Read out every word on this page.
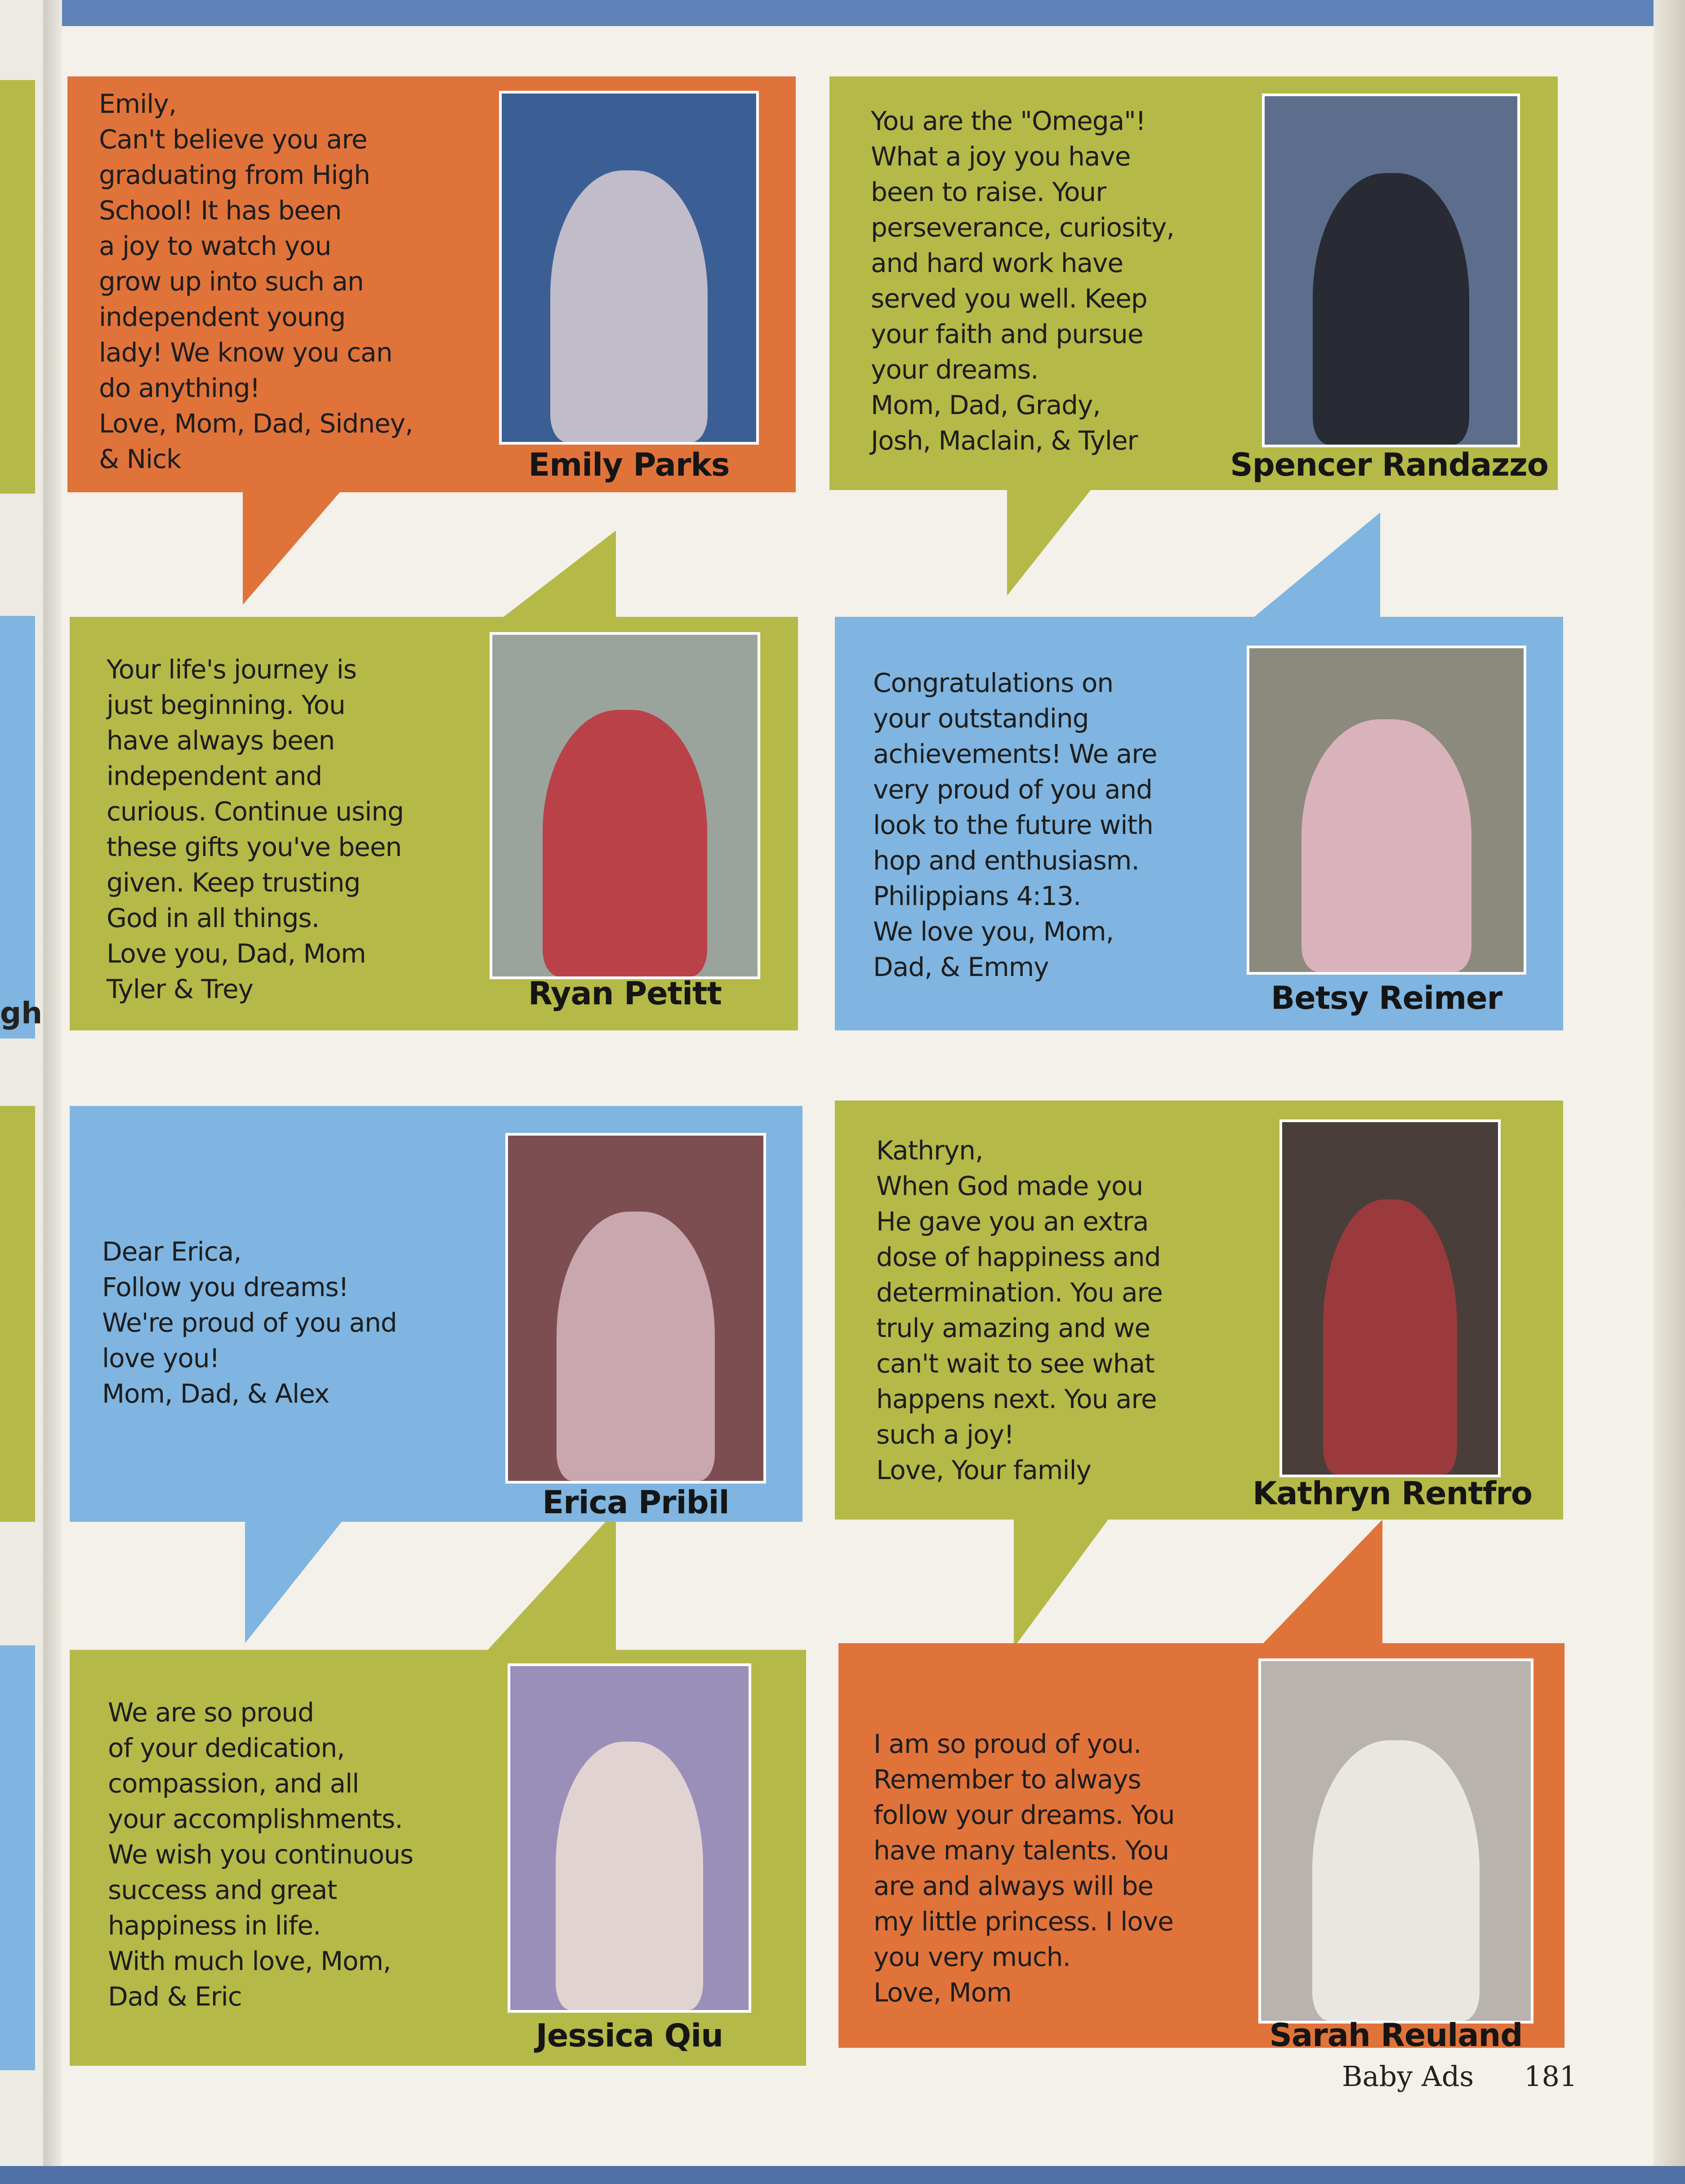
gh

Emily,
Can't believe you are
graduating from High
School! It has been
a joy to watch you
grow up into such an
independent young
lady! We know you can
do anything!
Love, Mom, Dad, Sidney,
& Nick	Emily Parks

You are the "Omega"!
What a joy you have
been to raise. Your
perseverance, curiosity,
and hard work have
served you well. Keep
your faith and pursue
your dreams.
Mom, Dad, Grady,
Josh, Maclain, & Tyler

Spencer Randazzo

Your life's journey is
just beginning. You
have always been
independent and
curious. Continue using
these gifts you've been
given. Keep trusting
God in all things.
Love you, Dad, Mom
Tyler & Trey	Ryan Petitt

Congratulations on
your outstanding
achievements! We are
very proud of you and
look to the future with
hop and enthusiasm.
Philippians 4:13.
We love you, Mom,
Dad, & Emmy

Betsy Reimer

Dear Erica,
Follow you dreams!
We're proud of you and
love you!
Mom, Dad, & Alex

Erica Pribil

Kathryn,
When God made you
He gave you an extra
dose of happiness and
determination. You are
truly amazing and we
can't wait to see what
happens next. You are
such a joy!
Love, Your family

Kathryn Rentfro

We are so proud
of your dedication,
compassion, and all
your accomplishments.
We wish you continuous
success and great
happiness in life.
With much love, Mom,
Dad & Eric

Jessica Qiu

I am so proud of you.
Remember to always
follow your dreams. You
have many talents. You
are and always will be
my little princess. I love
you very much.
Love, Mom

Sarah Reuland

Baby Ads 181
